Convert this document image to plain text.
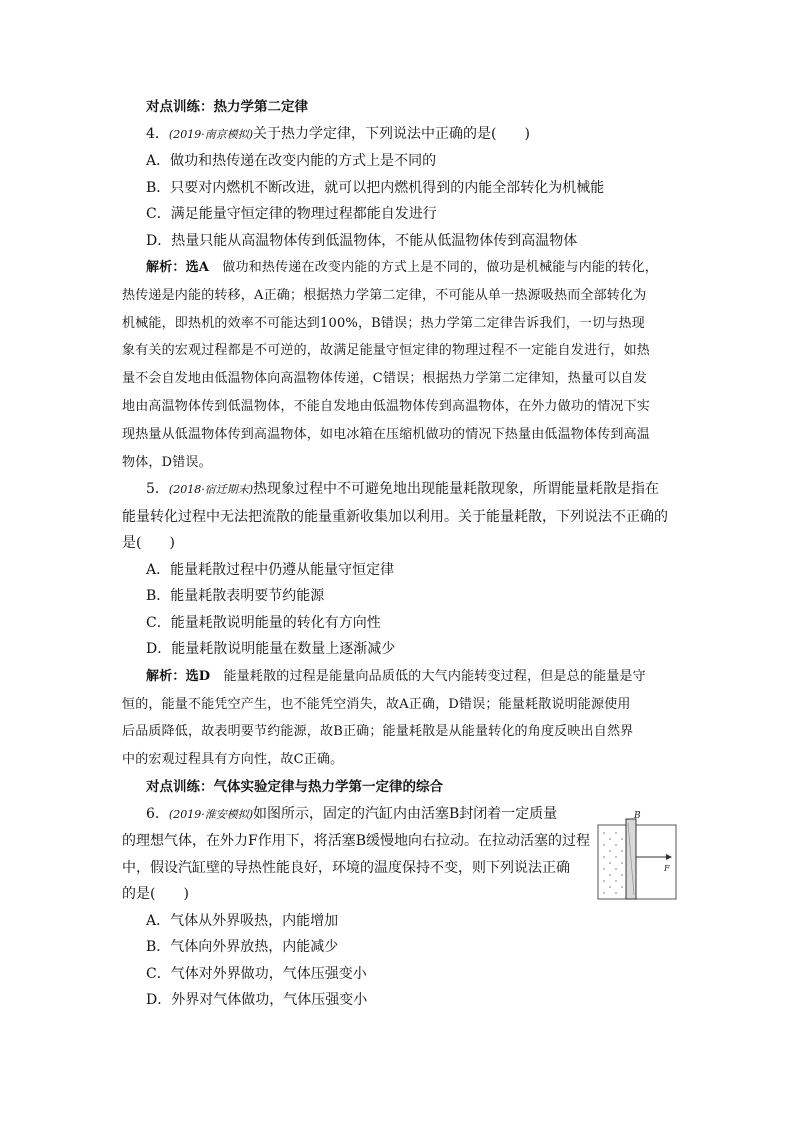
对点训练：热力学第二定律
4．(2019·南京模拟)关于热力学定律，下列说法中正确的是(　　)
A．做功和热传递在改变内能的方式上是不同的
B．只要对内燃机不断改进，就可以把内燃机得到的内能全部转化为机械能
C．满足能量守恒定律的物理过程都能自发进行
D．热量只能从高温物体传到低温物体，不能从低温物体传到高温物体
解析：选A　做功和热传递在改变内能的方式上是不同的，做功是机械能与内能的转化，
热传递是内能的转移，A正确；根据热力学第二定律，不可能从单一热源吸热而全部转化为
机械能，即热机的效率不可能达到100%，B错误；热力学第二定律告诉我们，一切与热现
象有关的宏观过程都是不可逆的，故满足能量守恒定律的物理过程不一定能自发进行，如热
量不会自发地由低温物体向高温物体传递，C错误；根据热力学第二定律知，热量可以自发
地由高温物体传到低温物体，不能自发地由低温物体传到高温物体，在外力做功的情况下实
现热量从低温物体传到高温物体，如电冰箱在压缩机做功的情况下热量由低温物体传到高温
物体，D错误。
5．(2018·宿迁期末)热现象过程中不可避免地出现能量耗散现象，所谓能量耗散是指在
能量转化过程中无法把流散的能量重新收集加以利用。关于能量耗散，下列说法不正确的
是(　　)
A．能量耗散过程中仍遵从能量守恒定律
B．能量耗散表明要节约能源
C．能量耗散说明能量的转化有方向性
D．能量耗散说明能量在数量上逐渐减少
解析：选D　能量耗散的过程是能量向品质低的大气内能转变过程，但是总的能量是守
恒的，能量不能凭空产生，也不能凭空消失，故A正确，D错误；能量耗散说明能源使用
后品质降低，故表明要节约能源，故B正确；能量耗散是从能量转化的角度反映出自然界
中的宏观过程具有方向性，故C正确。
对点训练：气体实验定律与热力学第一定律的综合
6．(2019·淮安模拟)如图所示，固定的汽缸内由活塞B封闭着一定质量
的理想气体，在外力F作用下，将活塞B缓慢地向右拉动。在拉动活塞的过程
中，假设汽缸壁的导热性能良好，环境的温度保持不变，则下列说法正确
的是(　　)
A．气体从外界吸热，内能增加
B．气体向外界放热，内能减少
C．气体对外界做功，气体压强变小
D．外界对气体做功，气体压强变小
B
F
